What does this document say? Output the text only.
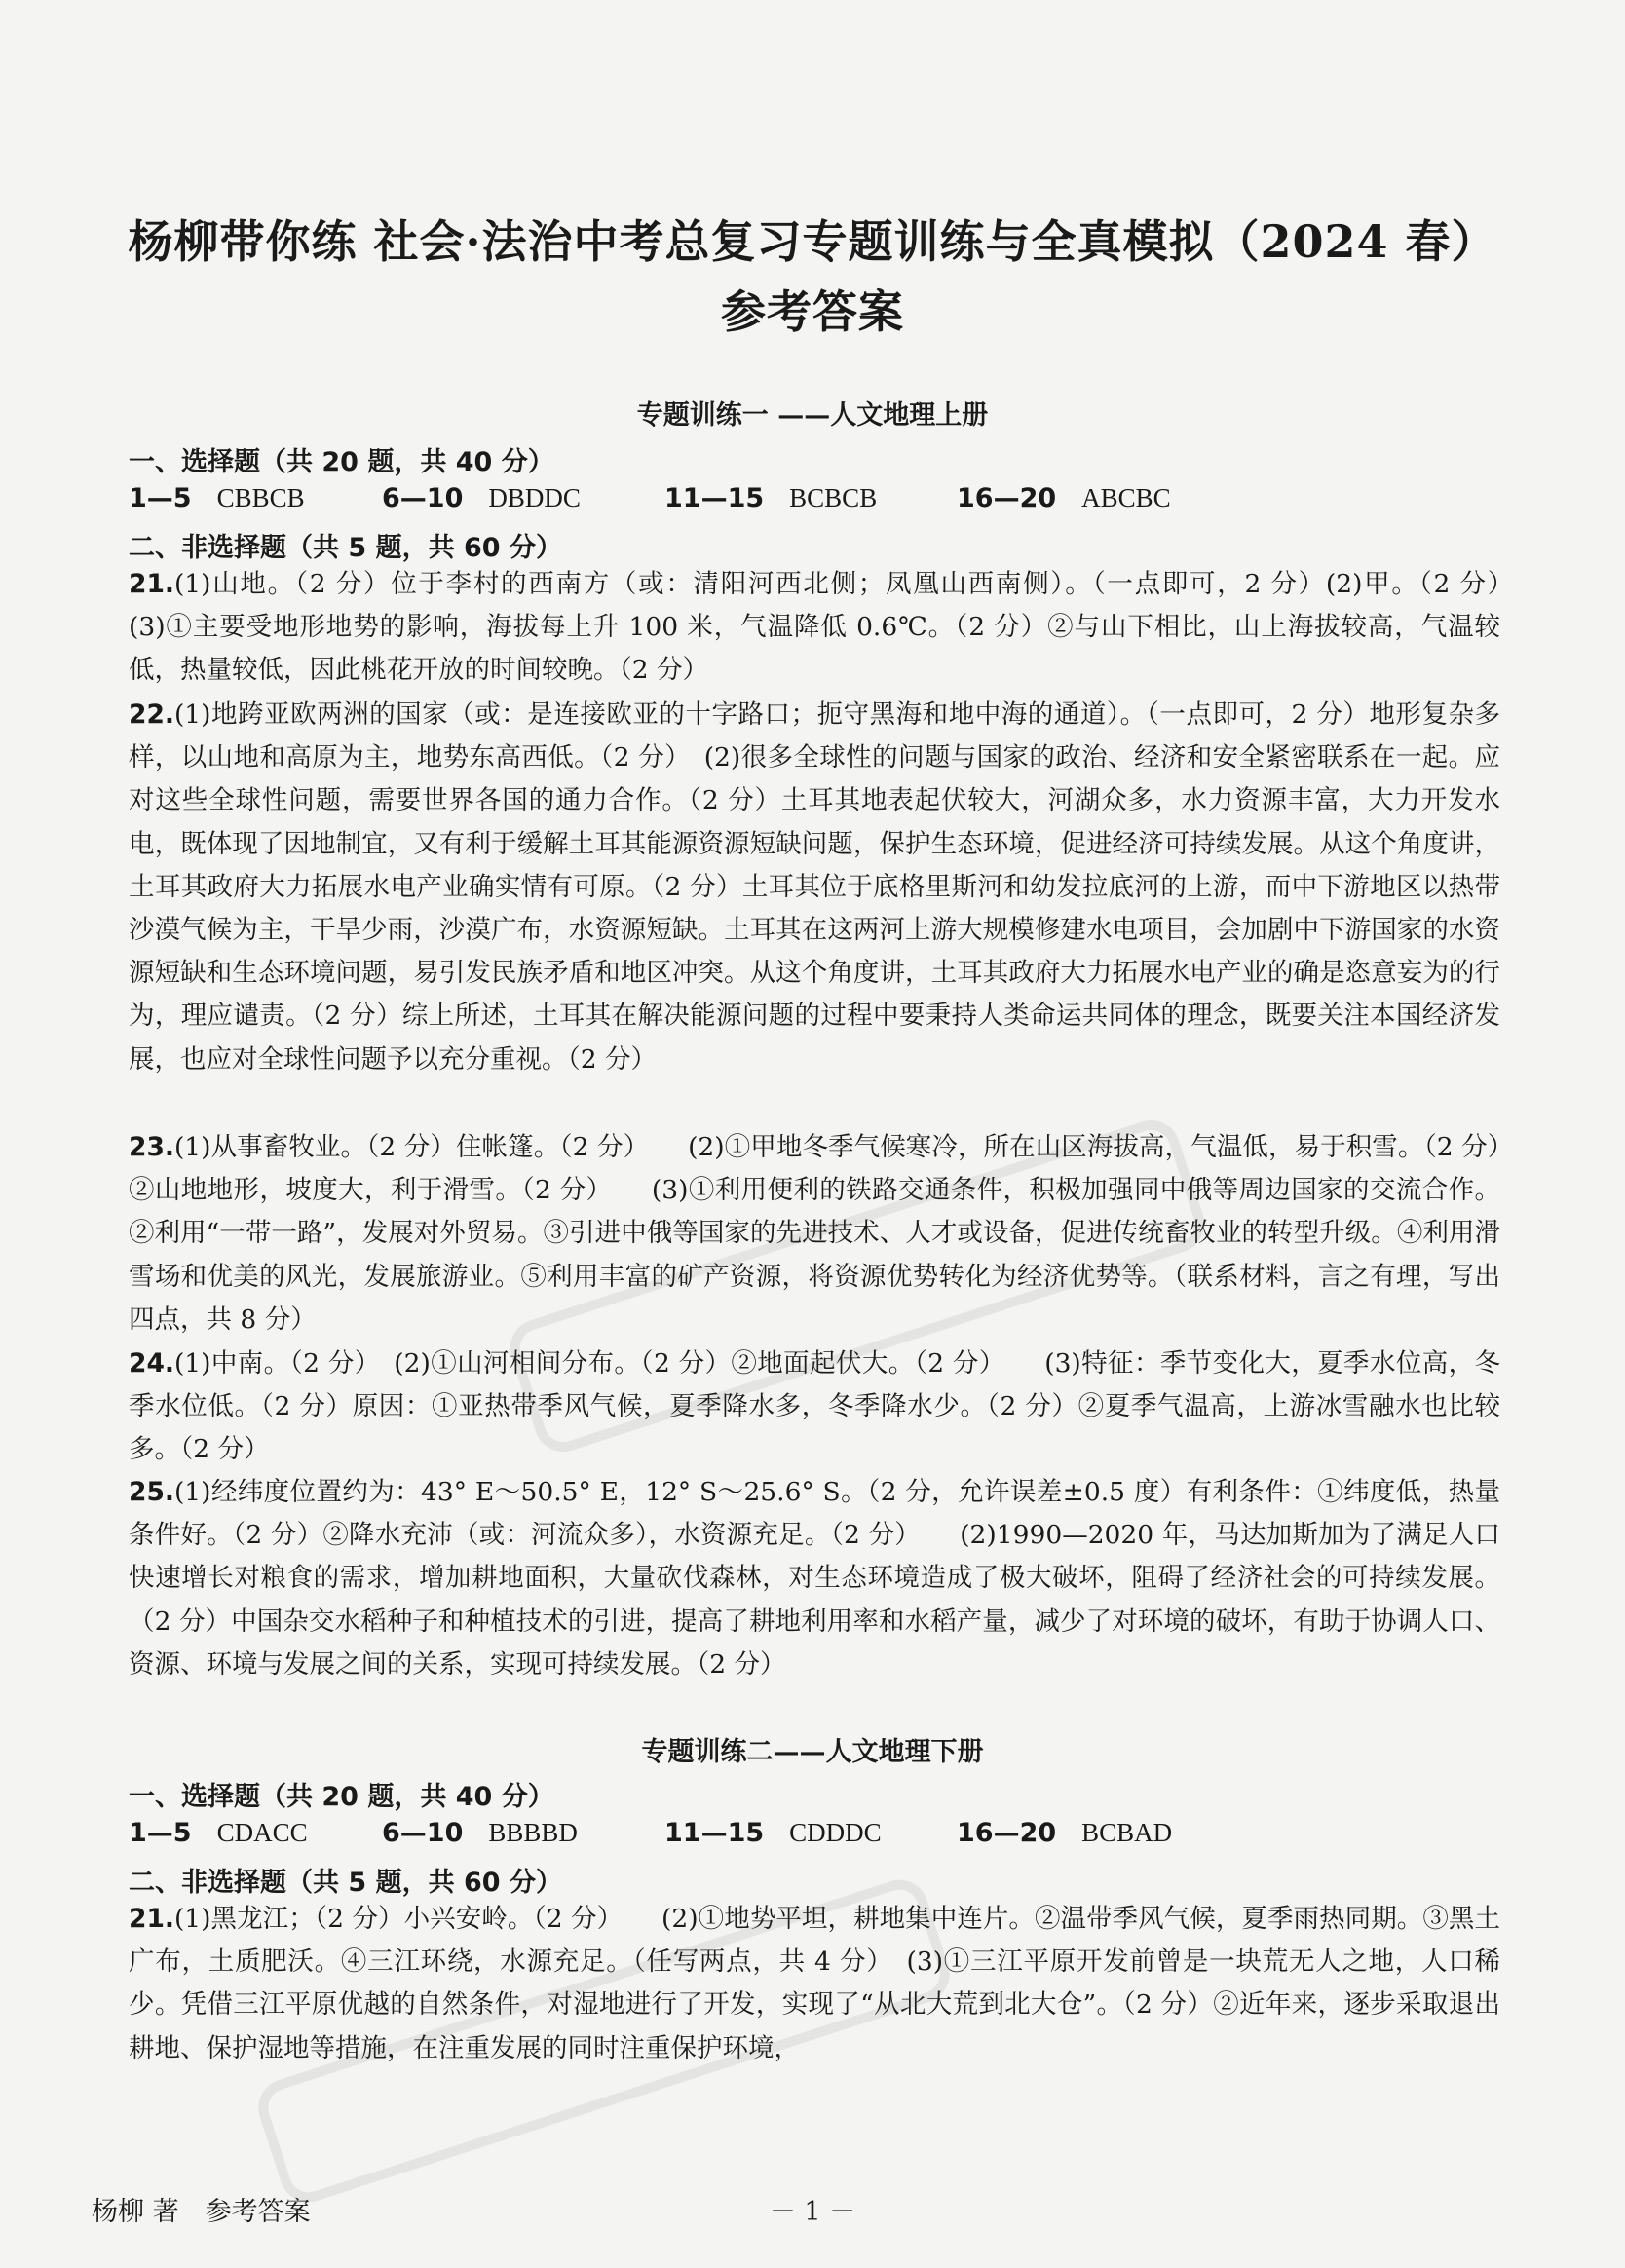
杨柳带你练 社会·法治中考总复习专题训练与全真模拟（2024 春）
参考答案
专题训练一 ——人文地理上册
一、选择题（共 20 题，共 40 分）
1—5 CBBCB	6—10 DBDDC	11—15 BCBCB	16—20 ABCBC
二、非选择题（共 5 题，共 60 分）

21.(1)山地。（2 分）位于李村的西南方（或：清阳河西北侧；凤凰山西南侧）。（一点即可，2 分）(2)甲。（2 分）　　(3)①主要受地形地势的影响，海拔每上升 100 米，气温降低 0.6℃。（2 分）②与山下相比，山上海拔较高，气温较低，热量较低，因此桃花开放的时间较晚。（2 分）

22.(1)地跨亚欧两洲的国家（或：是连接欧亚的十字路口；扼守黑海和地中海的通道）。（一点即可，2 分）地形复杂多样，以山地和高原为主，地势东高西低。（2 分）　(2)很多全球性的问题与国家的政治、经济和安全紧密联系在一起。应对这些全球性问题，需要世界各国的通力合作。（2 分）土耳其地表起伏较大，河湖众多，水力资源丰富，大力开发水电，既体现了因地制宜，又有利于缓解土耳其能源资源短缺问题，保护生态环境，促进经济可持续发展。从这个角度讲，土耳其政府大力拓展水电产业确实情有可原。（2 分）土耳其位于底格里斯河和幼发拉底河的上游，而中下游地区以热带沙漠气候为主，干旱少雨，沙漠广布，水资源短缺。土耳其在这两河上游大规模修建水电项目，会加剧中下游国家的水资源短缺和生态环境问题，易引发民族矛盾和地区冲突。从这个角度讲，土耳其政府大力拓展水电产业的确是恣意妄为的行为，理应谴责。（2 分）综上所述，土耳其在解决能源问题的过程中要秉持人类命运共同体的理念，既要关注本国经济发展，也应对全球性问题予以充分重视。（2 分）

23.(1)从事畜牧业。（2 分）住帐篷。（2 分）　　(2)①甲地冬季气候寒冷，所在山区海拔高，气温低，易于积雪。（2 分）②山地地形，坡度大，利于滑雪。（2 分）　　(3)①利用便利的铁路交通条件，积极加强同中俄等周边国家的交流合作。②利用“一带一路”，发展对外贸易。③引进中俄等国家的先进技术、人才或设备，促进传统畜牧业的转型升级。④利用滑雪场和优美的风光，发展旅游业。⑤利用丰富的矿产资源，将资源优势转化为经济优势等。（联系材料，言之有理，写出四点，共 8 分）

24.(1)中南。（2 分）　(2)①山河相间分布。（2 分）②地面起伏大。（2 分）　　(3)特征：季节变化大，夏季水位高，冬季水位低。（2 分）原因：①亚热带季风气候，夏季降水多，冬季降水少。（2 分）②夏季气温高，上游冰雪融水也比较多。（2 分）

25.(1)经纬度位置约为：43° E～50.5° E，12° S～25.6° S。（2 分，允许误差±0.5 度）有利条件：①纬度低，热量条件好。（2 分）②降水充沛（或：河流众多），水资源充足。（2 分）　　(2)1990—2020 年，马达加斯加为了满足人口快速增长对粮食的需求，增加耕地面积，大量砍伐森林，对生态环境造成了极大破坏，阻碍了经济社会的可持续发展。（2 分）中国杂交水稻种子和种植技术的引进，提高了耕地利用率和水稻产量，减少了对环境的破坏，有助于协调人口、资源、环境与发展之间的关系，实现可持续发展。（2 分）

专题训练二——人文地理下册
一、选择题（共 20 题，共 40 分）
1—5 CDACC	6—10 BBBBD	11—15 CDDDC	16—20 BCBAD
二、非选择题（共 5 题，共 60 分）

21.(1)黑龙江；（2 分）小兴安岭。（2 分）　　(2)①地势平坦，耕地集中连片。②温带季风气候，夏季雨热同期。③黑土广布，土质肥沃。④三江环绕，水源充足。（任写两点，共 4 分）　(3)①三江平原开发前曾是一块荒无人之地，人口稀少。凭借三江平原优越的自然条件，对湿地进行了开发，实现了“从北大荒到北大仓”。（2 分）②近年来，逐步采取退出耕地、保护湿地等措施，在注重发展的同时注重保护环境，

杨柳 著　参考答案	－ 1 －
